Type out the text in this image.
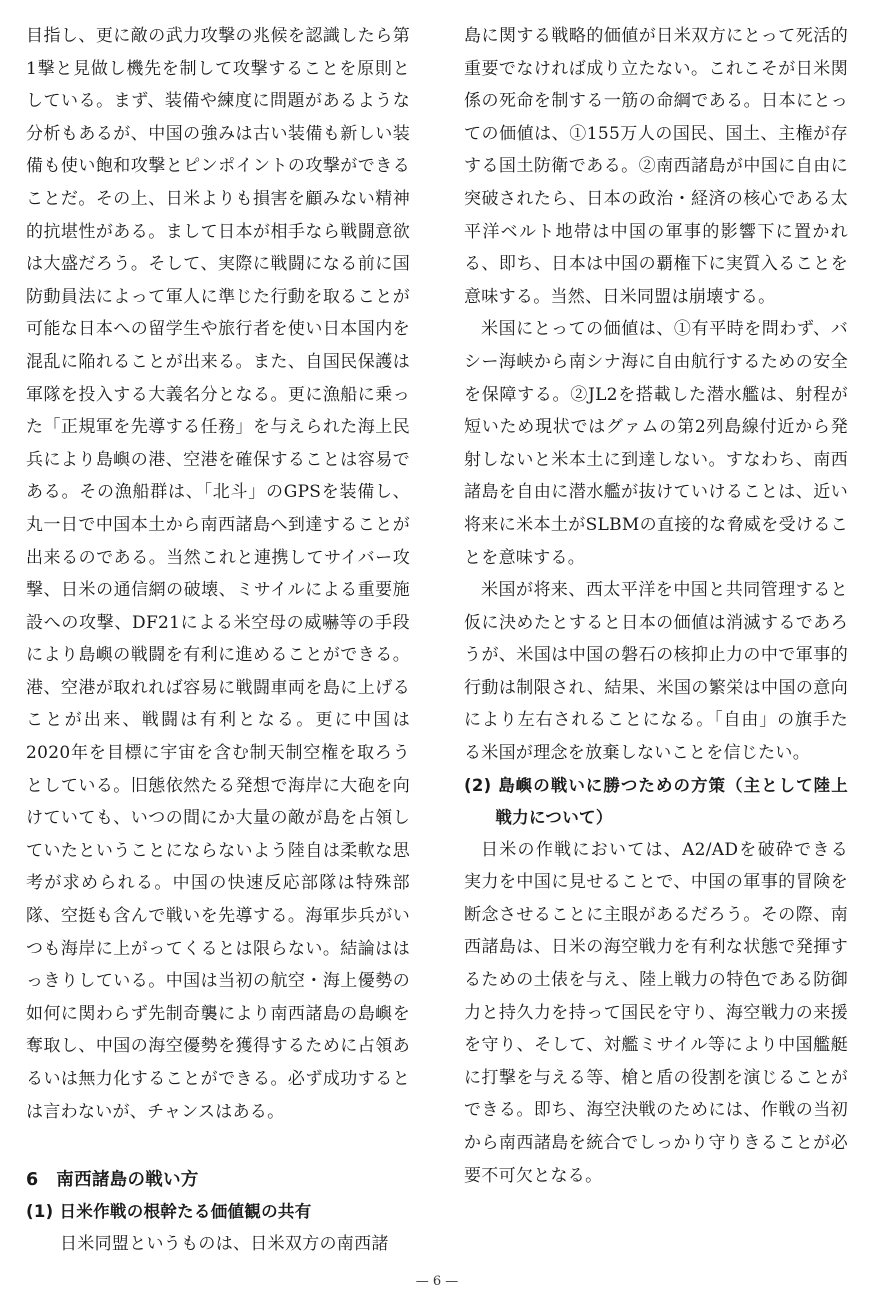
目指し、更に敵の武力攻撃の兆候を認識したら第1撃と見做し機先を制して攻撃することを原則としている。まず、装備や練度に問題があるような分析もあるが、中国の強みは古い装備も新しい装備も使い飽和攻撃とピンポイントの攻撃ができることだ。その上、日米よりも損害を顧みない精神的抗堪性がある。まして日本が相手なら戦闘意欲は大盛だろう。そして、実際に戦闘になる前に国防動員法によって軍人に準じた行動を取ることが可能な日本への留学生や旅行者を使い日本国内を混乱に陥れることが出来る。また、自国民保護は軍隊を投入する大義名分となる。更に漁船に乗った「正規軍を先導する任務」を与えられた海上民兵により島嶼の港、空港を確保することは容易である。その漁船群は、「北斗」のGPSを装備し、丸一日で中国本土から南西諸島へ到達することが出来るのである。当然これと連携してサイバー攻撃、日米の通信網の破壊、ミサイルによる重要施設への攻撃、DF21による米空母の威嚇等の手段により島嶼の戦闘を有利に進めることができる。港、空港が取れれば容易に戦闘車両を島に上げることが出来、戦闘は有利となる。更に中国は2020年を目標に宇宙を含む制天制空権を取ろうとしている。旧態依然たる発想で海岸に大砲を向けていても、いつの間にか大量の敵が島を占領していたということにならないよう陸自は柔軟な思考が求められる。中国の快速反応部隊は特殊部隊、空挺も含んで戦いを先導する。海軍歩兵がいつも海岸に上がってくるとは限らない。結論ははっきりしている。中国は当初の航空・海上優勢の如何に関わらず先制奇襲により南西諸島の島嶼を奪取し、中国の海空優勢を獲得するために占領あるいは無力化することができる。必ず成功するとは言わないが、チャンスはある。

6　南西諸島の戦い方
(1) 日米作戦の根幹たる価値観の共有

日米同盟というものは、日米双方の南西諸

島に関する戦略的価値が日米双方にとって死活的重要でなければ成り立たない。これこそが日米関係の死命を制する一筋の命綱である。日本にとっての価値は、①155万人の国民、国土、主権が存する国土防衛である。②南西諸島が中国に自由に突破されたら、日本の政治・経済の核心である太平洋ベルト地帯は中国の軍事的影響下に置かれる、即ち、日本は中国の覇権下に実質入ることを意味する。当然、日米同盟は崩壊する。

米国にとっての価値は、①有平時を問わず、バシー海峡から南シナ海に自由航行するための安全を保障する。②JL2を搭載した潜水艦は、射程が短いため現状ではグァムの第2列島線付近から発射しないと米本土に到達しない。すなわち、南西諸島を自由に潜水艦が抜けていけることは、近い将来に米本土がSLBMの直接的な脅威を受けることを意味する。

米国が将来、西太平洋を中国と共同管理すると仮に決めたとすると日本の価値は消滅するであろうが、米国は中国の磐石の核抑止力の中で軍事的行動は制限され、結果、米国の繁栄は中国の意向により左右されることになる。「自由」の旗手たる米国が理念を放棄しないことを信じたい。

(2) 島嶼の戦いに勝つための方策（主として陸上戦力について）

日米の作戦においては、A2/ADを破砕できる実力を中国に見せることで、中国の軍事的冒険を断念させることに主眼があるだろう。その際、南西諸島は、日米の海空戦力を有利な状態で発揮するための土俵を与え、陸上戦力の特色である防御力と持久力を持って国民を守り、海空戦力の来援を守り、そして、対艦ミサイル等により中国艦艇に打撃を与える等、槍と盾の役割を演じることができる。即ち、海空決戦のためには、作戦の当初から南西諸島を統合でしっかり守りきることが必要不可欠となる。

— 6 —
